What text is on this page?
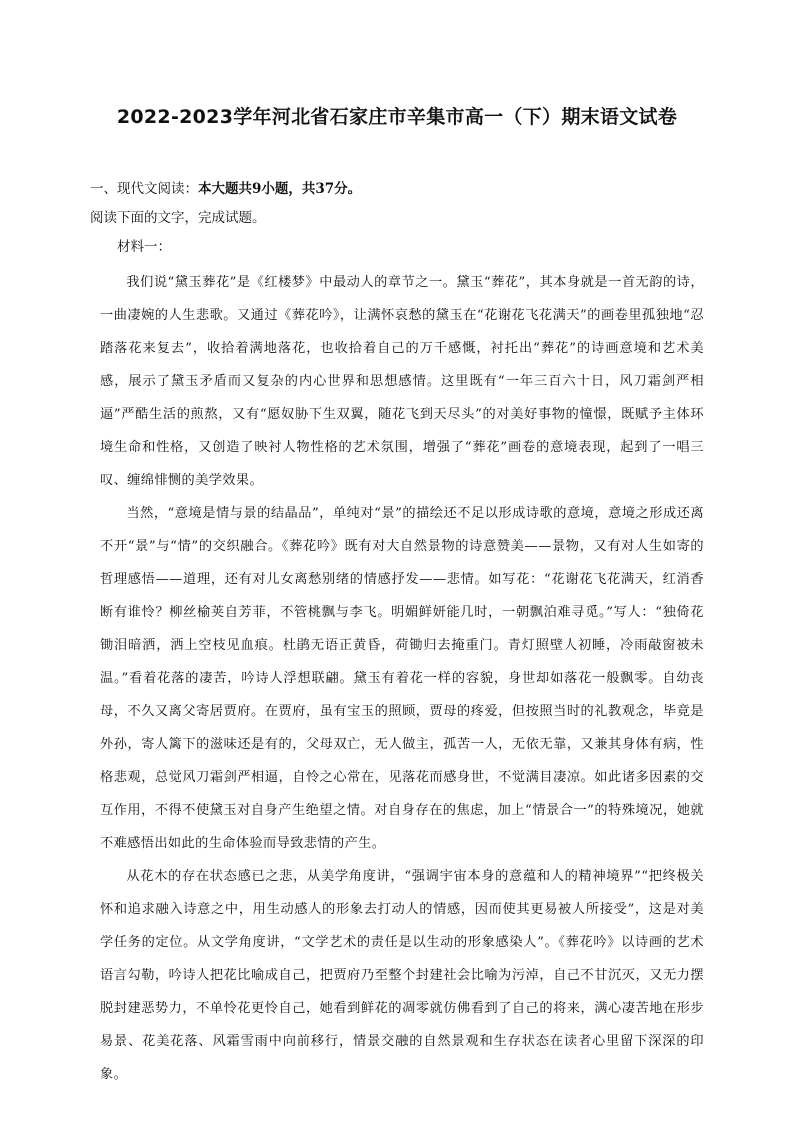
2022-2023学年河北省石家庄市辛集市高一（下）期末语文试卷
一、现代文阅读：本大题共9小题，共37分。
阅读下面的文字，完成试题。
材料一：

我们说“黛玉葬花”是《红楼梦》中最动人的章节之一。黛玉“葬花”，其本身就是一首无韵的诗，一曲凄婉的人生悲歌。又通过《葬花吟》，让满怀哀愁的黛玉在“花谢花飞花满天”的画卷里孤独地“忍踏落花来复去”，收拾着满地落花，也收拾着自己的万千感慨，衬托出“葬花”的诗画意境和艺术美感，展示了黛玉矛盾而又复杂的内心世界和思想感情。这里既有“一年三百六十日，风刀霜剑严相逼”严酷生活的煎熬，又有“愿奴胁下生双翼，随花飞到天尽头”的对美好事物的憧憬，既赋予主体环境生命和性格，又创造了映衬人物性格的艺术氛围，增强了“葬花”画卷的意境表现，起到了一唱三叹、缠绵悱恻的美学效果。

当然，“意境是情与景的结晶品”，单纯对“景”的描绘还不足以形成诗歌的意境，意境之形成还离不开“景”与“情”的交织融合。《葬花吟》既有对大自然景物的诗意赞美——景物，又有对人生如寄的哲理感悟——道理，还有对儿女离愁别绪的情感抒发——悲情。如写花：“花谢花飞花满天，红消香断有谁怜？柳丝榆荚自芳菲，不管桃飘与李飞。明媚鲜妍能几时，一朝飘泊难寻觅。”写人：“独倚花锄泪暗洒，洒上空枝见血痕。杜鹃无语正黄昏，荷锄归去掩重门。青灯照壁人初睡，冷雨敲窗被未温。”看着花落的凄苦，吟诗人浮想联翩。黛玉有着花一样的容貌，身世却如落花一般飘零。自幼丧母，不久又离父寄居贾府。在贾府，虽有宝玉的照顾，贾母的疼爱，但按照当时的礼教观念，毕竟是外孙，寄人篱下的滋味还是有的，父母双亡，无人做主，孤苦一人，无依无靠，又兼其身体有病，性格悲观，总觉风刀霜剑严相逼，自怜之心常在，见落花而感身世，不觉满目凄凉。如此诸多因素的交互作用，不得不使黛玉对自身产生绝望之情。对自身存在的焦虑，加上“情景合一”的特殊境况，她就不难感悟出如此的生命体验而导致悲情的产生。

从花木的存在状态感已之悲，从美学角度讲，“强调宇宙本身的意蕴和人的精神境界”“把终极关怀和追求融入诗意之中，用生动感人的形象去打动人的情感，因而使其更易被人所接受”，这是对美学任务的定位。从文学角度讲，“文学艺术的责任是以生动的形象感染人”。《葬花吟》以诗画的艺术语言勾勒，吟诗人把花比喻成自己，把贾府乃至整个封建社会比喻为污淖，自己不甘沉灭，又无力摆脱封建恶势力，不单怜花更怜自己，她看到鲜花的凋零就仿佛看到了自己的将来，满心凄苦地在形步易景、花美花落、风霜雪雨中向前移行，情景交融的自然景观和生存状态在读者心里留下深深的印象。
